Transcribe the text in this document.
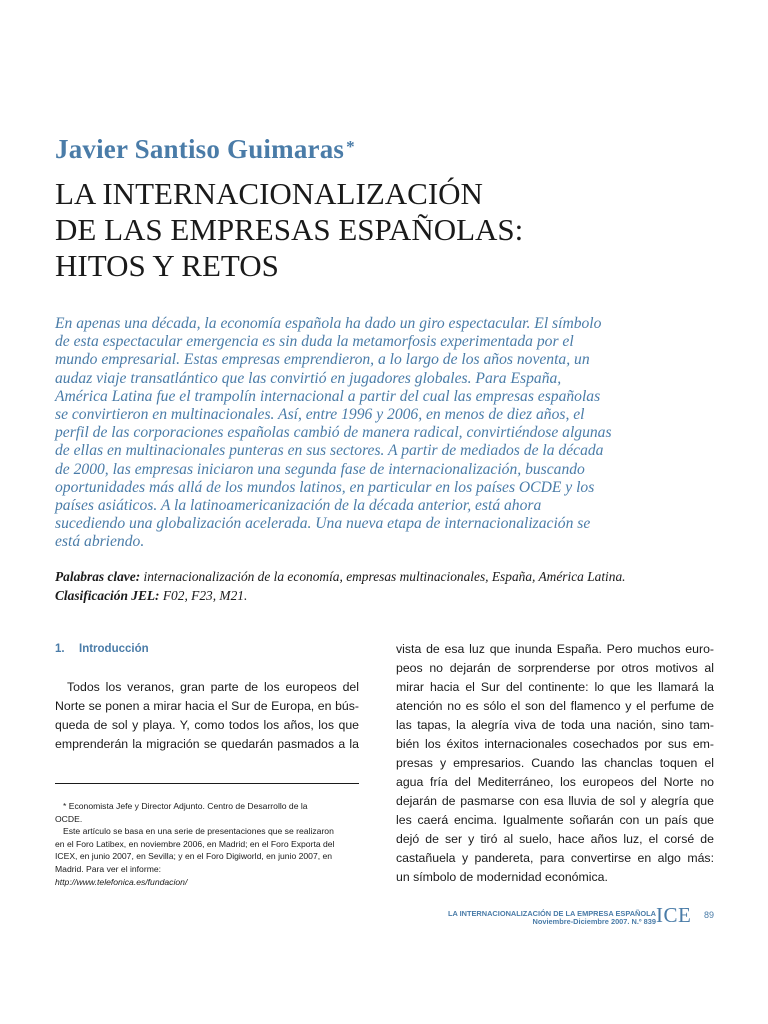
Javier Santiso Guimaras *
LA INTERNACIONALIZACIÓN
DE LAS EMPRESAS ESPAÑOLAS:
HITOS Y RETOS
En apenas una década, la economía española ha dado un giro espectacular. El símbolo
de esta espectacular emergencia es sin duda la metamorfosis experimentada por el
mundo empresarial. Estas empresas emprendieron, a lo largo de los años noventa, un
audaz viaje transatlántico que las convirtió en jugadores globales. Para España,
América Latina fue el trampolín internacional a partir del cual las empresas españolas
se convirtieron en multinacionales. Así, entre 1996 y 2006, en menos de diez años, el
perfil de las corporaciones españolas cambió de manera radical, convirtiéndose algunas
de ellas en multinacionales punteras en sus sectores. A partir de mediados de la década
de 2000, las empresas iniciaron una segunda fase de internacionalización, buscando
oportunidades más allá de los mundos latinos, en particular en los países OCDE y los
países asiáticos. A la latinoamericanización de la década anterior, está ahora
sucediendo una globalización acelerada. Una nueva etapa de internacionalización se
está abriendo.
Palabras clave: internacionalización de la economía, empresas multinacionales, España, América Latina.
Clasificación JEL: F02, F23, M21.
1. Introducción
Todos los veranos, gran parte de los europeos del
Norte se ponen a mirar hacia el Sur de Europa, en bús-
queda de sol y playa. Y, como todos los años, los que
emprenderán la migración se quedarán pasmados a la
* Economista Jefe y Director Adjunto. Centro de Desarrollo de la
OCDE.
Este artículo se basa en una serie de presentaciones que se realizaron
en el Foro Latibex, en noviembre 2006, en Madrid; en el Foro Exporta del
ICEX, en junio 2007, en Sevilla; y en el Foro Digiworld, en junio 2007, en
Madrid. Para ver el informe:
http://www.telefonica.es/fundacion/
vista de esa luz que inunda España. Pero muchos euro-
peos no dejarán de sorprenderse por otros motivos al
mirar hacia el Sur del continente: lo que les llamará la
atención no es sólo el son del flamenco y el perfume de
las tapas, la alegría viva de toda una nación, sino tam-
bién los éxitos internacionales cosechados por sus em-
presas y empresarios. Cuando las chanclas toquen el
agua fría del Mediterráneo, los europeos del Norte no
dejarán de pasmarse con esa lluvia de sol y alegría que
les caerá encima. Igualmente soñarán con un país que
dejó de ser y tiró al suelo, hace años luz, el corsé de
castañuela y pandereta, para convertirse en algo más:
un símbolo de modernidad económica.
LA INTERNACIONALIZACIÓN DE LA EMPRESA ESPAÑOLA
Noviembre-Diciembre 2007. N.º 839 ICE 89
